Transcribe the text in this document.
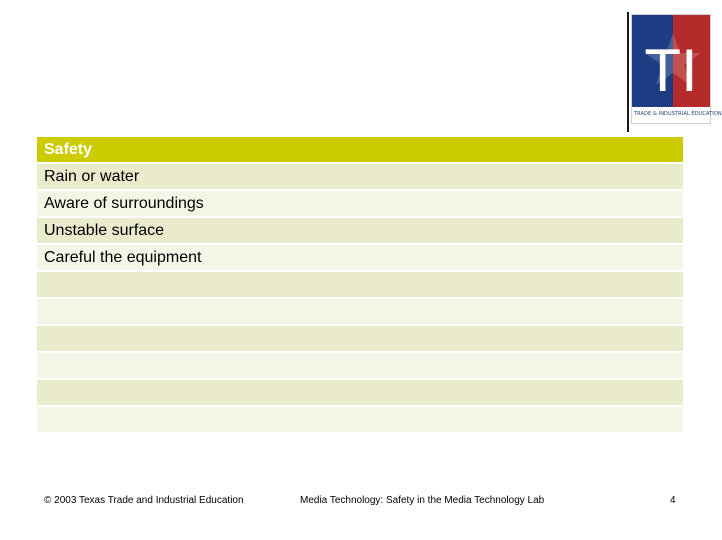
TI
TRADE & INDUSTRIAL EDUCATION
Safety
Rain or water
Aware of surroundings
Unstable surface
Careful the equipment

© 2003 Texas Trade and Industrial Education	Media Technology: Safety in the Media Technology Lab	4
